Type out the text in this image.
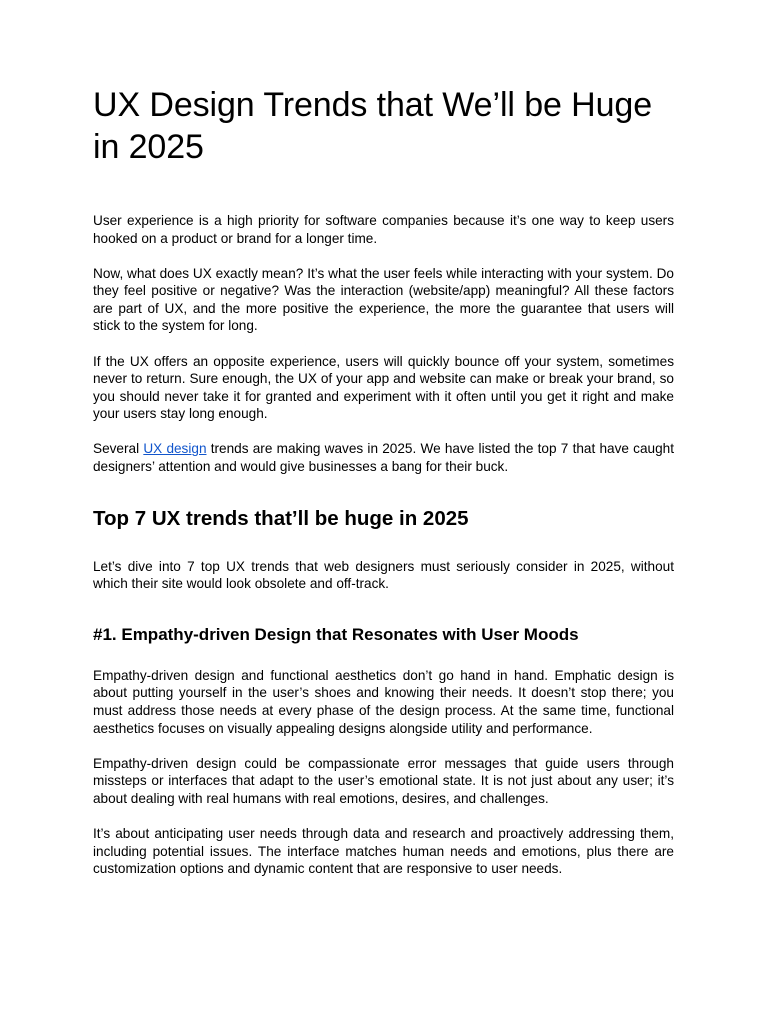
UX Design Trends that We’ll be Huge in 2025

User experience is a high priority for software companies because it’s one way to keep users hooked on a product or brand for a longer time.

Now, what does UX exactly mean? It’s what the user feels while interacting with your system. Do they feel positive or negative? Was the interaction (website/app) meaningful? All these factors are part of UX, and the more positive the experience, the more the guarantee that users will stick to the system for long.

If the UX offers an opposite experience, users will quickly bounce off your system, sometimes never to return. Sure enough, the UX of your app and website can make or break your brand, so you should never take it for granted and experiment with it often until you get it right and make your users stay long enough.

Several UX design trends are making waves in 2025. We have listed the top 7 that have caught designers’ attention and would give businesses a bang for their buck.

Top 7 UX trends that’ll be huge in 2025

Let’s dive into 7 top UX trends that web designers must seriously consider in 2025, without which their site would look obsolete and off-track.

#1. Empathy-driven Design that Resonates with User Moods

Empathy-driven design and functional aesthetics don’t go hand in hand. Emphatic design is about putting yourself in the user’s shoes and knowing their needs. It doesn’t stop there; you must address those needs at every phase of the design process. At the same time, functional aesthetics focuses on visually appealing designs alongside utility and performance.

Empathy-driven design could be compassionate error messages that guide users through missteps or interfaces that adapt to the user’s emotional state. It is not just about any user; it’s about dealing with real humans with real emotions, desires, and challenges.

It’s about anticipating user needs through data and research and proactively addressing them, including potential issues. The interface matches human needs and emotions, plus there are customization options and dynamic content that are responsive to user needs.
